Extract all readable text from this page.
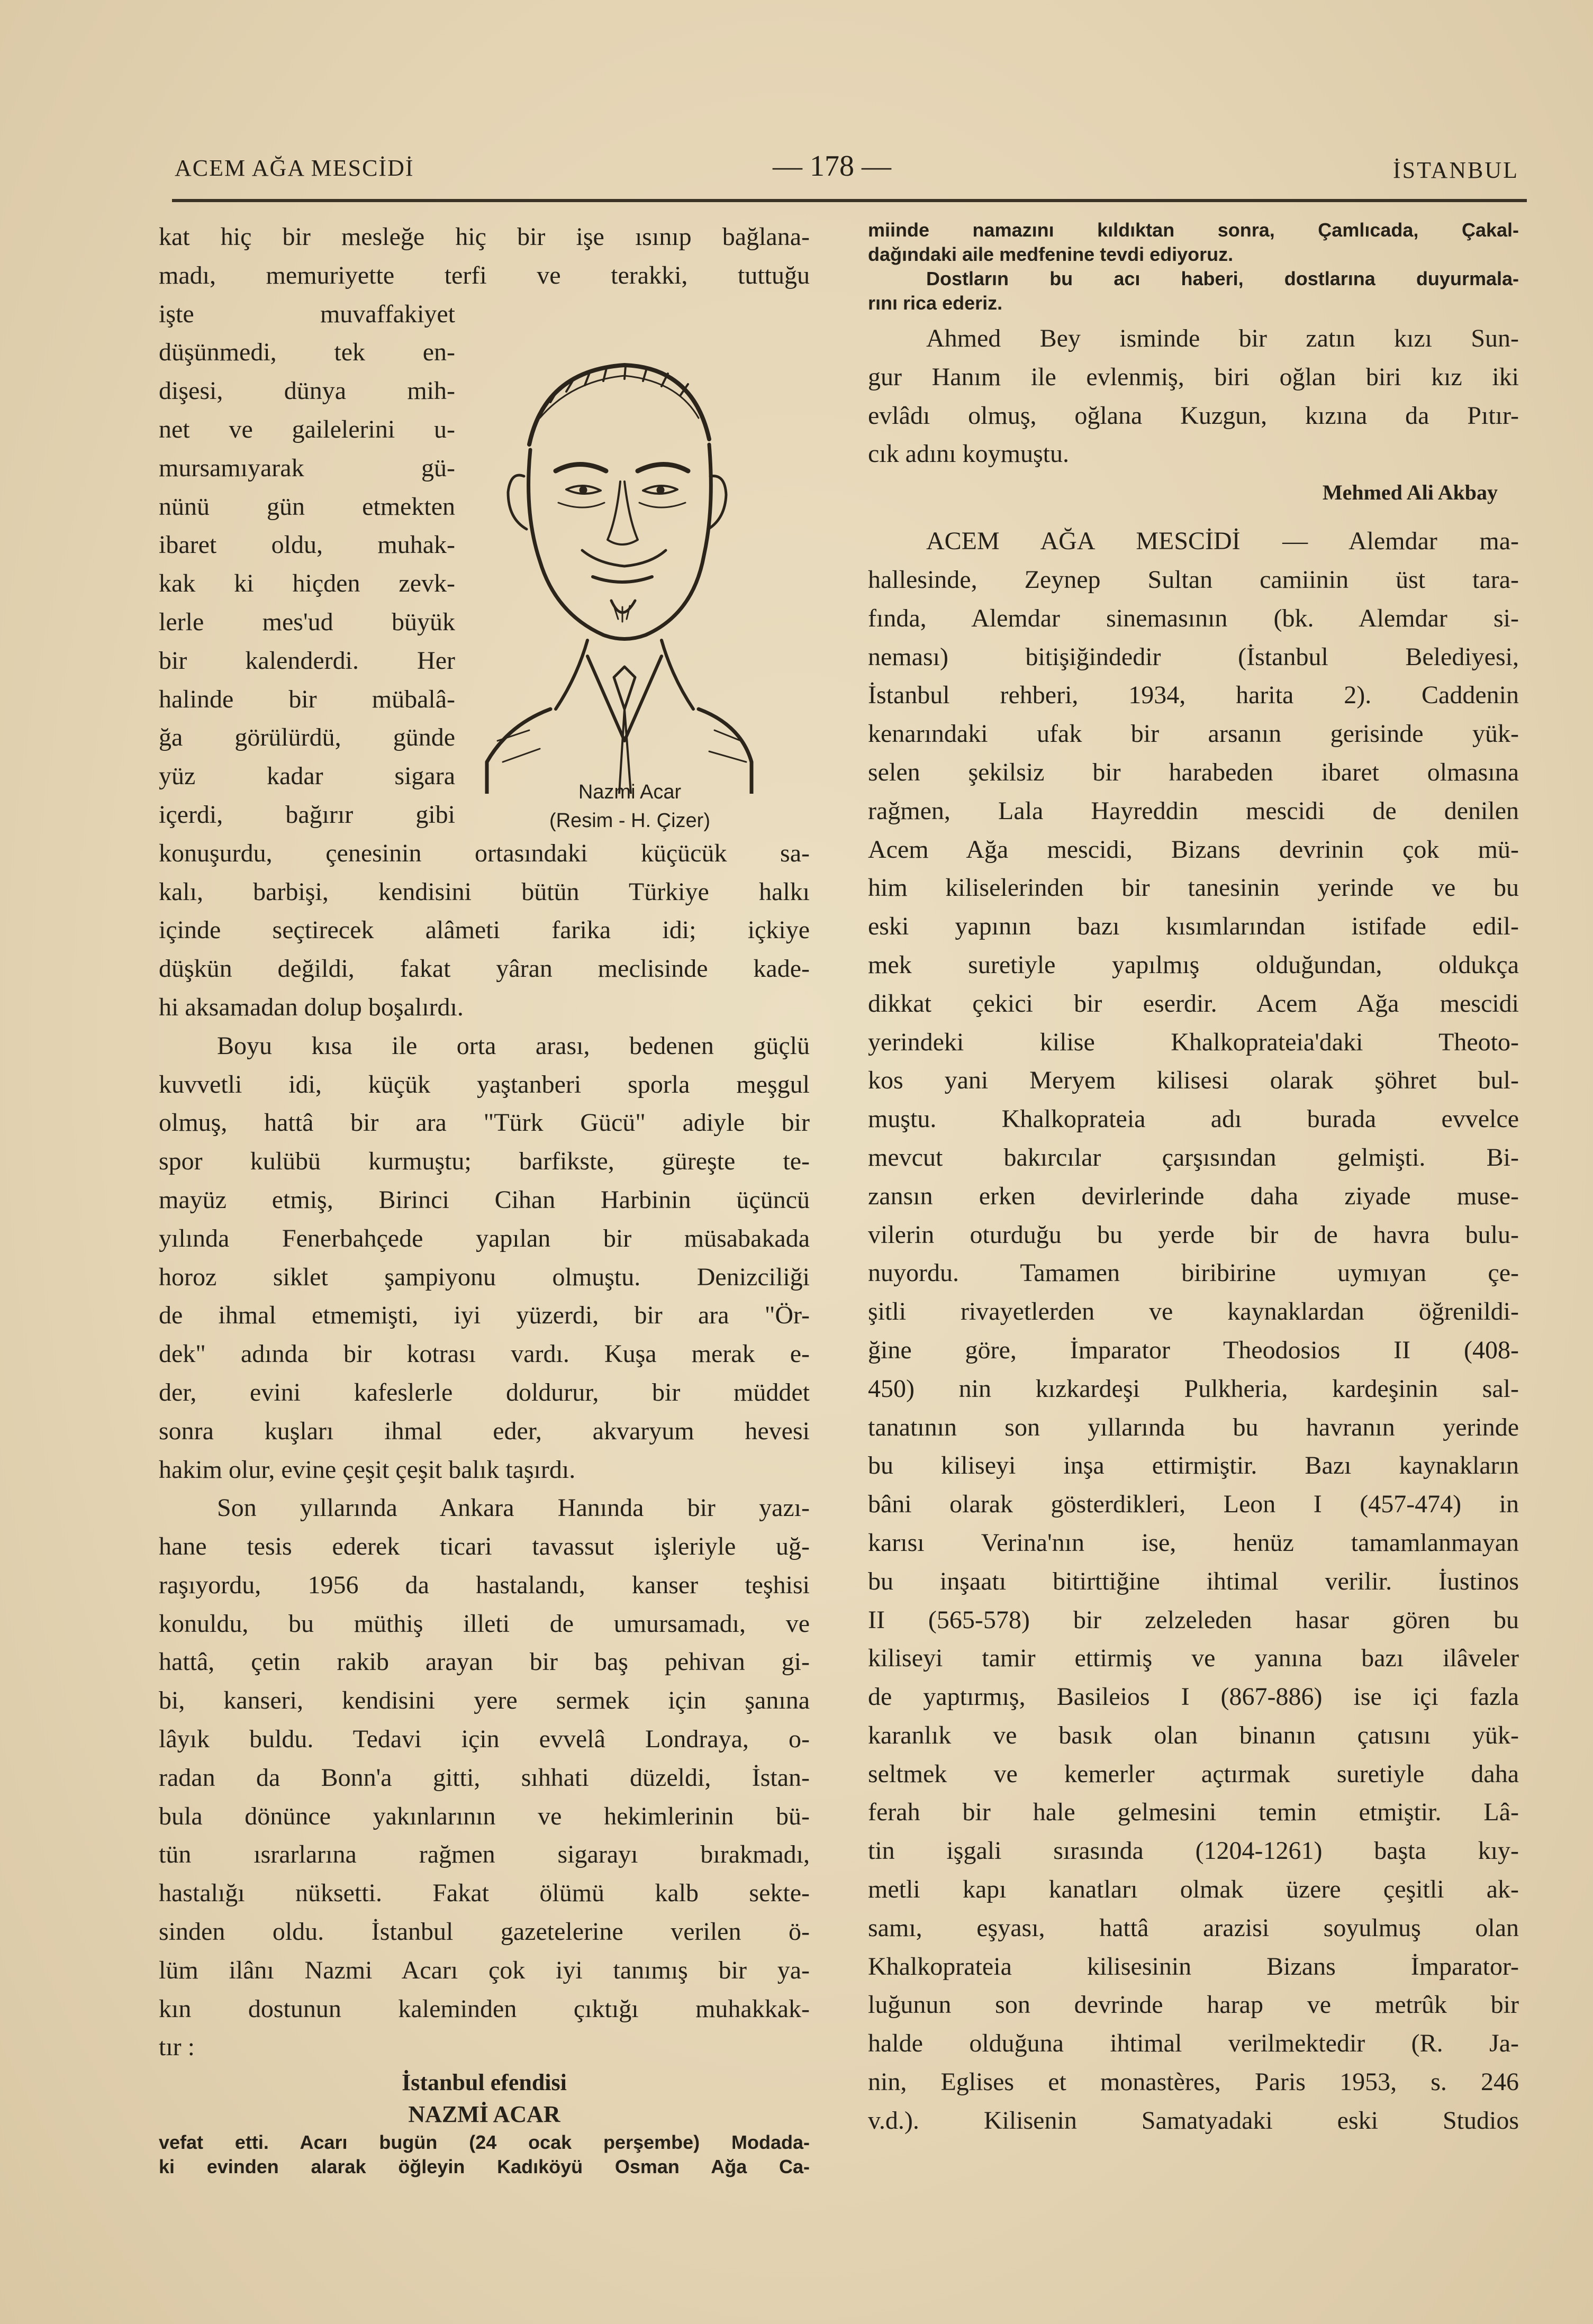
ACEM AĞA MESCİDİ	— 178 —	İSTANBUL
kat hiç bir mesleğe hiç bir işe ısınıp bağlana-
madı, memuriyette terfi ve terakki, tuttuğu
işte muvaffakiyet
düşünmedi, tek en-
dişesi, dünya mih-
net ve gailelerini u-
mursamıyarak gü-
nünü gün etmekten
ibaret oldu, muhak-
kak ki hiçden zevk-
lerle mes'ud büyük
bir kalenderdi. Her
halinde bir mübalâ-
ğa görülürdü, günde
yüz kadar sigara
içerdi, bağırır gibi
konuşurdu, çenesinin ortasındaki küçücük sa-
kalı, barbişi, kendisini bütün Türkiye halkı
içinde seçtirecek alâmeti farika idi; içkiye
düşkün değildi, fakat yâran meclisinde kade-
hi aksamadan dolup boşalırdı.
Boyu kısa ile orta arası, bedenen güçlü
kuvvetli idi, küçük yaştanberi sporla meşgul
olmuş, hattâ bir ara "Türk Gücü" adiyle bir
spor kulübü kurmuştu; barfikste, güreşte te-
mayüz etmiş, Birinci Cihan Harbinin üçüncü
yılında Fenerbahçede yapılan bir müsabakada
horoz siklet şampiyonu olmuştu. Denizciliği
de ihmal etmemişti, iyi yüzerdi, bir ara "Ör-
dek" adında bir kotrası vardı. Kuşa merak e-
der, evini kafeslerle doldurur, bir müddet
sonra kuşları ihmal eder, akvaryum hevesi
hakim olur, evine çeşit çeşit balık taşırdı.
Son yıllarında Ankara Hanında bir yazı-
hane tesis ederek ticari tavassut işleriyle uğ-
raşıyordu, 1956 da hastalandı, kanser teşhisi
konuldu, bu müthiş illeti de umursamadı, ve
hattâ, çetin rakib arayan bir baş pehivan gi-
bi, kanseri, kendisini yere sermek için şanına
lâyık buldu. Tedavi için evvelâ Londraya, o-
radan da Bonn'a gitti, sıhhati düzeldi, İstan-
bula dönünce yakınlarının ve hekimlerinin bü-
tün ısrarlarına rağmen sigarayı bırakmadı,
hastalığı nüksetti. Fakat ölümü kalb sekte-
sinden oldu. İstanbul gazetelerine verilen ö-
lüm ilânı Nazmi Acarı çok iyi tanımış bir ya-
kın dostunun kaleminden çıktığı muhakkak-
tır :
İstanbul efendisi
NAZMİ ACAR
vefat etti. Acarı bugün (24 ocak perşembe) Modada-
ki evinden alarak öğleyin Kadıköyü Osman Ağa Ca-
Nazmi Acar
(Resim - H. Çizer)
miinde namazını kıldıktan sonra, Çamlıcada, Çakal-
dağındaki aile medfenine tevdi ediyoruz.
Dostların bu acı haberi, dostlarına duyurmala-
rını rica ederiz.
Ahmed Bey isminde bir zatın kızı Sun-
gur Hanım ile evlenmiş, biri oğlan biri kız iki
evlâdı olmuş, oğlana Kuzgun, kızına da Pıtır-
cık adını koymuştu.
Mehmed Ali Akbay
ACEM AĞA MESCİDİ — Alemdar ma-
hallesinde, Zeynep Sultan camiinin üst tara-
fında, Alemdar sinemasının (bk. Alemdar si-
neması) bitişiğindedir (İstanbul Belediyesi,
İstanbul rehberi, 1934, harita 2). Caddenin
kenarındaki ufak bir arsanın gerisinde yük-
selen şekilsiz bir harabeden ibaret olmasına
rağmen, Lala Hayreddin mescidi de denilen
Acem Ağa mescidi, Bizans devrinin çok mü-
him kiliselerinden bir tanesinin yerinde ve bu
eski yapının bazı kısımlarından istifade edil-
mek suretiyle yapılmış olduğundan, oldukça
dikkat çekici bir eserdir. Acem Ağa mescidi
yerindeki kilise Khalkoprateia'daki Theoto-
kos yani Meryem kilisesi olarak şöhret bul-
muştu. Khalkoprateia adı burada evvelce
mevcut bakırcılar çarşısından gelmişti. Bi-
zansın erken devirlerinde daha ziyade muse-
vilerin oturduğu bu yerde bir de havra bulu-
nuyordu. Tamamen biribirine uymıyan çe-
şitli rivayetlerden ve kaynaklardan öğrenildi-
ğine göre, İmparator Theodosios II (408-
450) nin kızkardeşi Pulkheria, kardeşinin sal-
tanatının son yıllarında bu havranın yerinde
bu kiliseyi inşa ettirmiştir. Bazı kaynakların
bâni olarak gösterdikleri, Leon I (457-474) in
karısı Verina'nın ise, henüz tamamlanmayan
bu inşaatı bitirttiğine ihtimal verilir. İustinos
II (565-578) bir zelzeleden hasar gören bu
kiliseyi tamir ettirmiş ve yanına bazı ilâveler
de yaptırmış, Basileios I (867-886) ise içi fazla
karanlık ve basık olan binanın çatısını yük-
seltmek ve kemerler açtırmak suretiyle daha
ferah bir hale gelmesini temin etmiştir. Lâ-
tin işgali sırasında (1204-1261) başta kıy-
metli kapı kanatları olmak üzere çeşitli ak-
samı, eşyası, hattâ arazisi soyulmuş olan
Khalkoprateia kilisesinin Bizans İmparator-
luğunun son devrinde harap ve metrûk bir
halde olduğuna ihtimal verilmektedir (R. Ja-
nin, Eglises et monastères, Paris 1953, s. 246
v.d.). Kilisenin Samatyadaki eski Studios
